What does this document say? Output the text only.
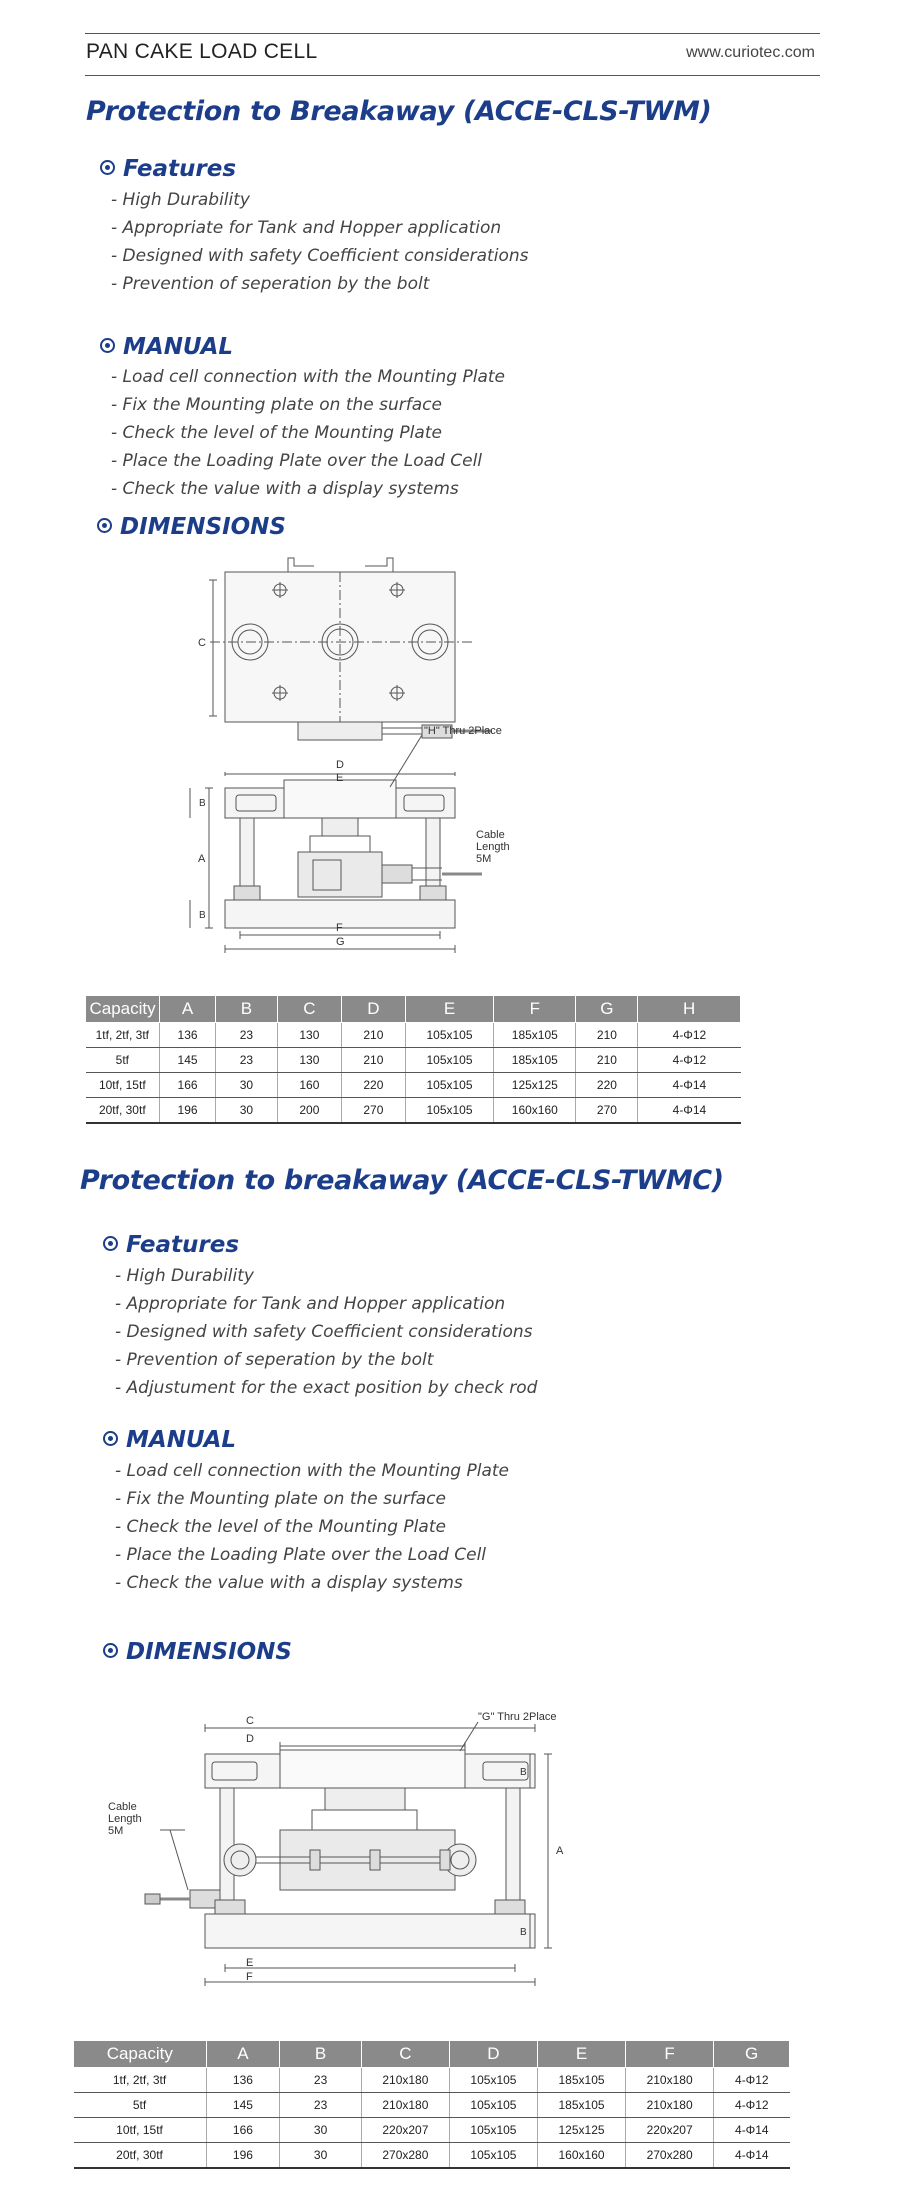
PAN CAKE LOAD CELL	www.curiotec.com
Protection to Breakaway (ACCE-CLS-TWM)
Features
- High Durability
- Appropriate for Tank and Hopper application
- Designed with safety Coefficient considerations
- Prevention of seperation by the bolt
MANUAL
- Load cell connection with the Mounting Plate
- Fix the Mounting plate on the surface
- Check the level of the Mounting Plate
- Place the Loading Plate over the Load Cell
- Check the value with a display systems
DIMENSIONS
C
D
E
A
B
B
F
G
"H" Thru 2Place
Cable
Length
5M
Capacity	A	B	C	D	E	F	G	H
1tf, 2tf, 3tf	136	23	130	210	105x105	185x105	210	4-Φ12
5tf	145	23	130	210	105x105	185x105	210	4-Φ12
10tf, 15tf	166	30	160	220	105x105	125x125	220	4-Φ14
20tf, 30tf	196	30	200	270	105x105	160x160	270	4-Φ14
Protection to breakaway (ACCE-CLS-TWMC)
Features
- High Durability
- Appropriate for Tank and Hopper application
- Designed with safety Coefficient considerations
- Prevention of seperation by the bolt
- Adjustument for the exact position by check rod
MANUAL
- Load cell connection with the Mounting Plate
- Fix the Mounting plate on the surface
- Check the level of the Mounting Plate
- Place the Loading Plate over the Load Cell
- Check the value with a display systems
DIMENSIONS
C
D
E
F
A
B
B
"G" Thru 2Place
Cable
Length
5M
Capacity	A	B	C	D	E	F	G
1tf, 2tf, 3tf	136	23	210x180	105x105	185x105	210x180	4-Φ12
5tf	145	23	210x180	105x105	185x105	210x180	4-Φ12
10tf, 15tf	166	30	220x207	105x105	125x125	220x207	4-Φ14
20tf, 30tf	196	30	270x280	105x105	160x160	270x280	4-Φ14
